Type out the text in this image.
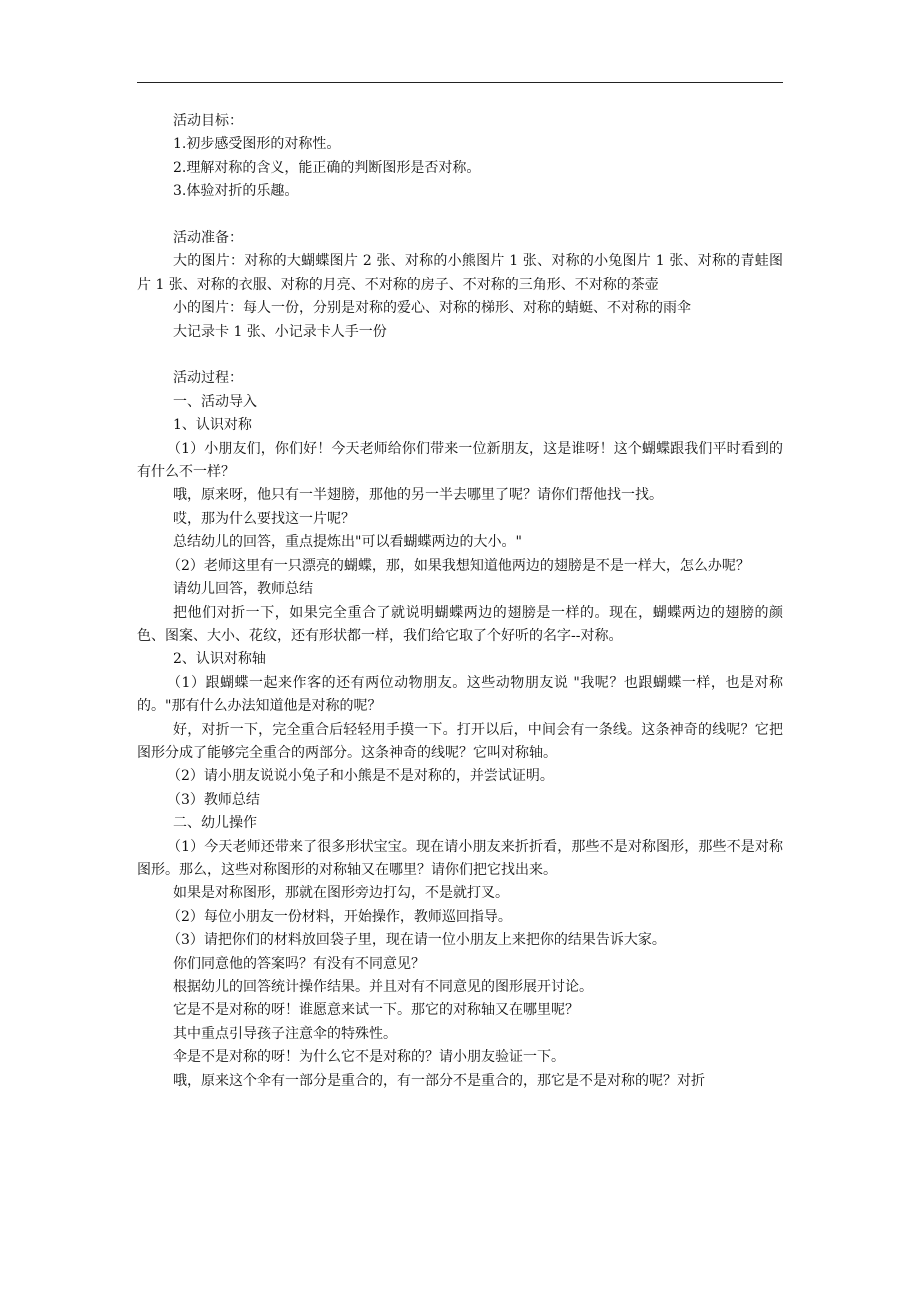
活动目标：

1.初步感受图形的对称性。

2.理解对称的含义，能正确的判断图形是否对称。

3.体验对折的乐趣。

活动准备：

大的图片：对称的大蝴蝶图片 2 张、对称的小熊图片 1 张、对称的小兔图片 1 张、对称的青蛙图片 1 张、对称的衣服、对称的月亮、不对称的房子、不对称的三角形、不对称的茶壶

小的图片：每人一份，分别是对称的爱心、对称的梯形、对称的蜻蜓、不对称的雨伞

大记录卡 1 张、小记录卡人手一份

活动过程：

一、活动导入

1、认识对称

（1）小朋友们，你们好！今天老师给你们带来一位新朋友，这是谁呀！这个蝴蝶跟我们平时看到的有什么不一样？

哦，原来呀，他只有一半翅膀，那他的另一半去哪里了呢？请你们帮他找一找。

哎，那为什么要找这一片呢？

总结幼儿的回答，重点提炼出"可以看蝴蝶两边的大小。"

（2）老师这里有一只漂亮的蝴蝶，那，如果我想知道他两边的翅膀是不是一样大，怎么办呢？

请幼儿回答，教师总结

把他们对折一下，如果完全重合了就说明蝴蝶两边的翅膀是一样的。现在，蝴蝶两边的翅膀的颜色、图案、大小、花纹，还有形状都一样，我们给它取了个好听的名字--对称。

2、认识对称轴

（1）跟蝴蝶一起来作客的还有两位动物朋友。这些动物朋友说 "我呢？也跟蝴蝶一样，也是对称的。"那有什么办法知道他是对称的呢？

好，对折一下，完全重合后轻轻用手摸一下。打开以后，中间会有一条线。这条神奇的线呢？它把图形分成了能够完全重合的两部分。这条神奇的线呢？它叫对称轴。

（2）请小朋友说说小兔子和小熊是不是对称的，并尝试证明。

（3）教师总结

二、幼儿操作

（1）今天老师还带来了很多形状宝宝。现在请小朋友来折折看，那些不是对称图形，那些不是对称图形。那么，这些对称图形的对称轴又在哪里？请你们把它找出来。

如果是对称图形，那就在图形旁边打勾，不是就打叉。

（2）每位小朋友一份材料，开始操作，教师巡回指导。

（3）请把你们的材料放回袋子里，现在请一位小朋友上来把你的结果告诉大家。

你们同意他的答案吗？有没有不同意见？

根据幼儿的回答统计操作结果。并且对有不同意见的图形展开讨论。

它是不是对称的呀！谁愿意来试一下。那它的对称轴又在哪里呢？

其中重点引导孩子注意伞的特殊性。

伞是不是对称的呀！为什么它不是对称的？请小朋友验证一下。

哦，原来这个伞有一部分是重合的，有一部分不是重合的，那它是不是对称的呢？对折
